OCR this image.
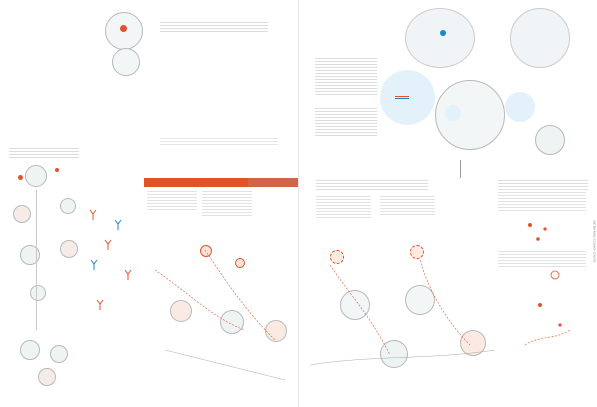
SOURCE: ADAPTED FROM NATURE
